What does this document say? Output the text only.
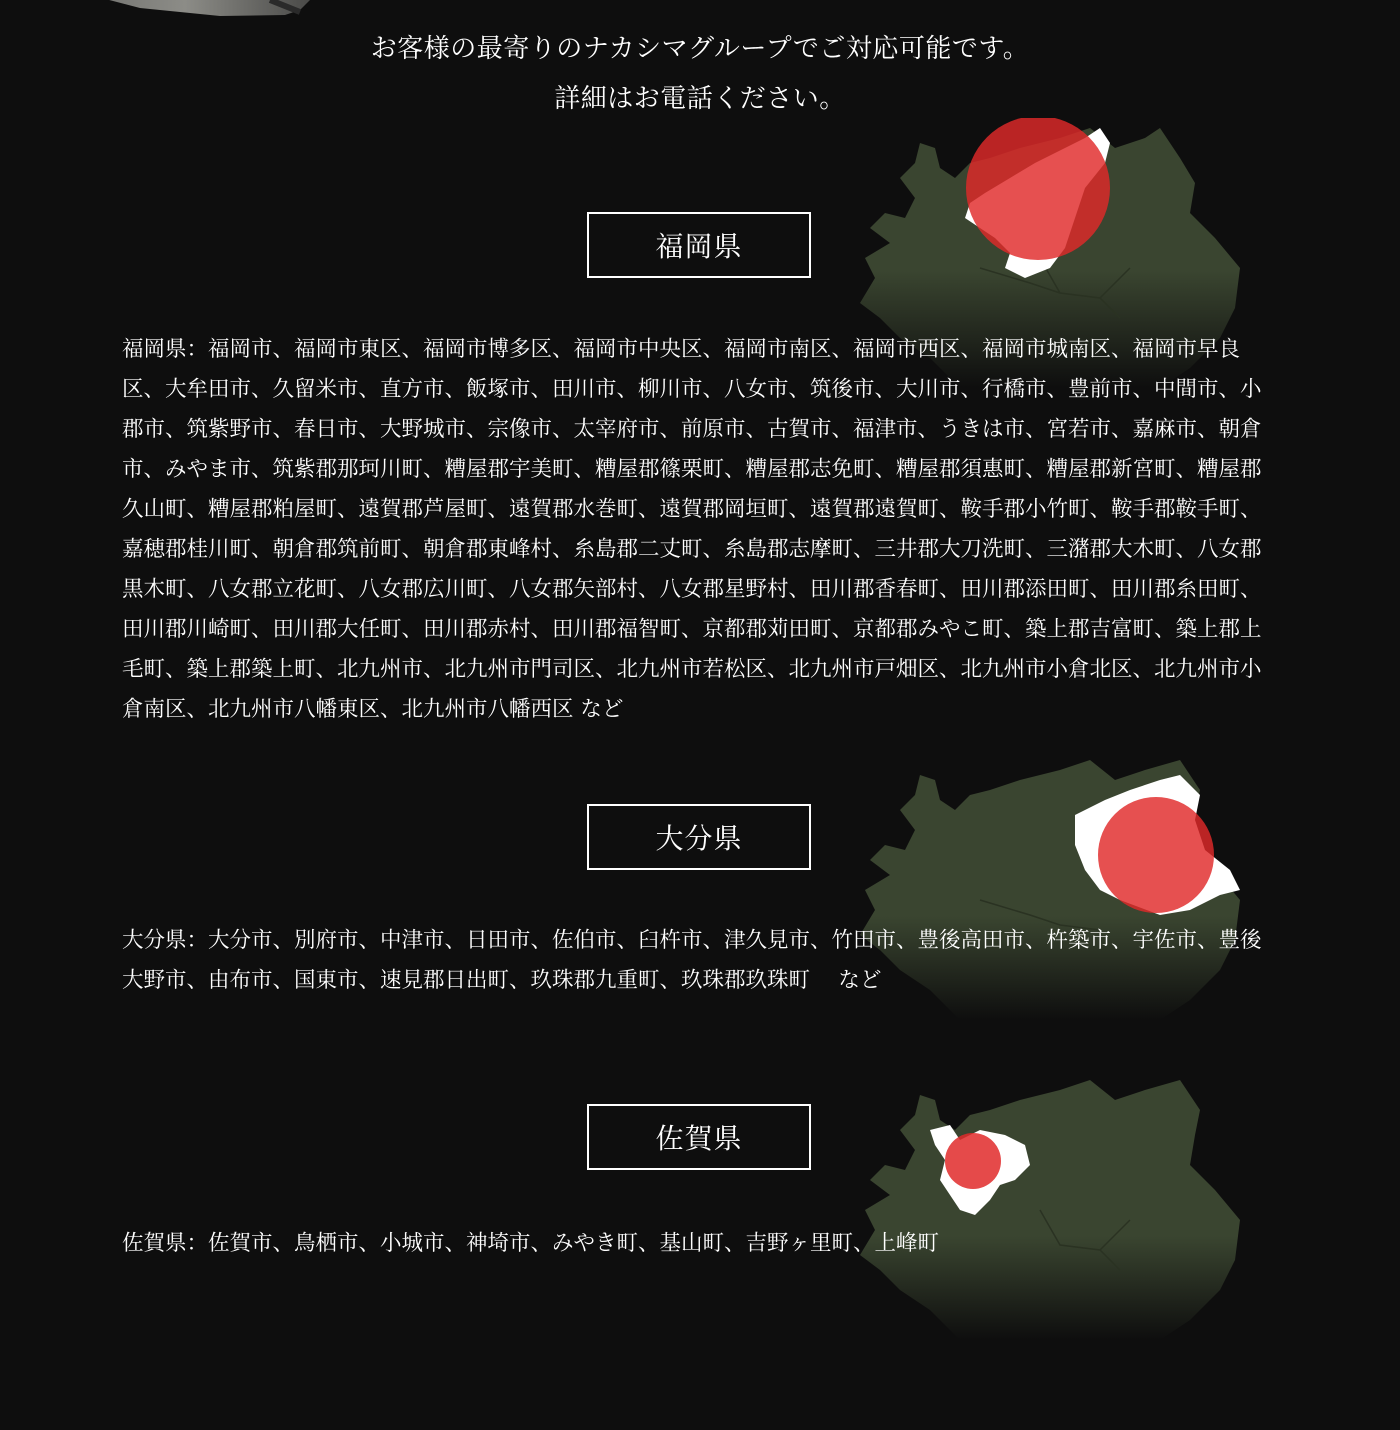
お客様の最寄りのナカシマグループでご対応可能です。
詳細はお電話ください。
福岡県
福岡県：福岡市、福岡市東区、福岡市博多区、福岡市中央区、福岡市南区、福岡市西区、福岡市城南区、福岡市早良区、大牟田市、久留米市、直方市、飯塚市、田川市、柳川市、八女市、筑後市、大川市、行橋市、豊前市、中間市、小郡市、筑紫野市、春日市、大野城市、宗像市、太宰府市、前原市、古賀市、福津市、うきは市、宮若市、嘉麻市、朝倉市、みやま市、筑紫郡那珂川町、糟屋郡宇美町、糟屋郡篠栗町、糟屋郡志免町、糟屋郡須惠町、糟屋郡新宮町、糟屋郡久山町、糟屋郡粕屋町、遠賀郡芦屋町、遠賀郡水巻町、遠賀郡岡垣町、遠賀郡遠賀町、鞍手郡小竹町、鞍手郡鞍手町、嘉穂郡桂川町、朝倉郡筑前町、朝倉郡東峰村、糸島郡二丈町、糸島郡志摩町、三井郡大刀洗町、三潴郡大木町、八女郡黒木町、八女郡立花町、八女郡広川町、八女郡矢部村、八女郡星野村、田川郡香春町、田川郡添田町、田川郡糸田町、田川郡川崎町、田川郡大任町、田川郡赤村、田川郡福智町、京都郡苅田町、京都郡みやこ町、築上郡吉富町、築上郡上毛町、築上郡築上町、北九州市、北九州市門司区、北九州市若松区、北九州市戸畑区、北九州市小倉北区、北九州市小倉南区、北九州市八幡東区、北九州市八幡西区 など
大分県
大分県：大分市、別府市、中津市、日田市、佐伯市、臼杵市、津久見市、竹田市、豊後高田市、杵築市、宇佐市、豊後大野市、由布市、国東市、速見郡日出町、玖珠郡九重町、玖珠郡玖珠町　 など
佐賀県
佐賀県：佐賀市、鳥栖市、小城市、神埼市、みやき町、基山町、吉野ヶ里町、上峰町
